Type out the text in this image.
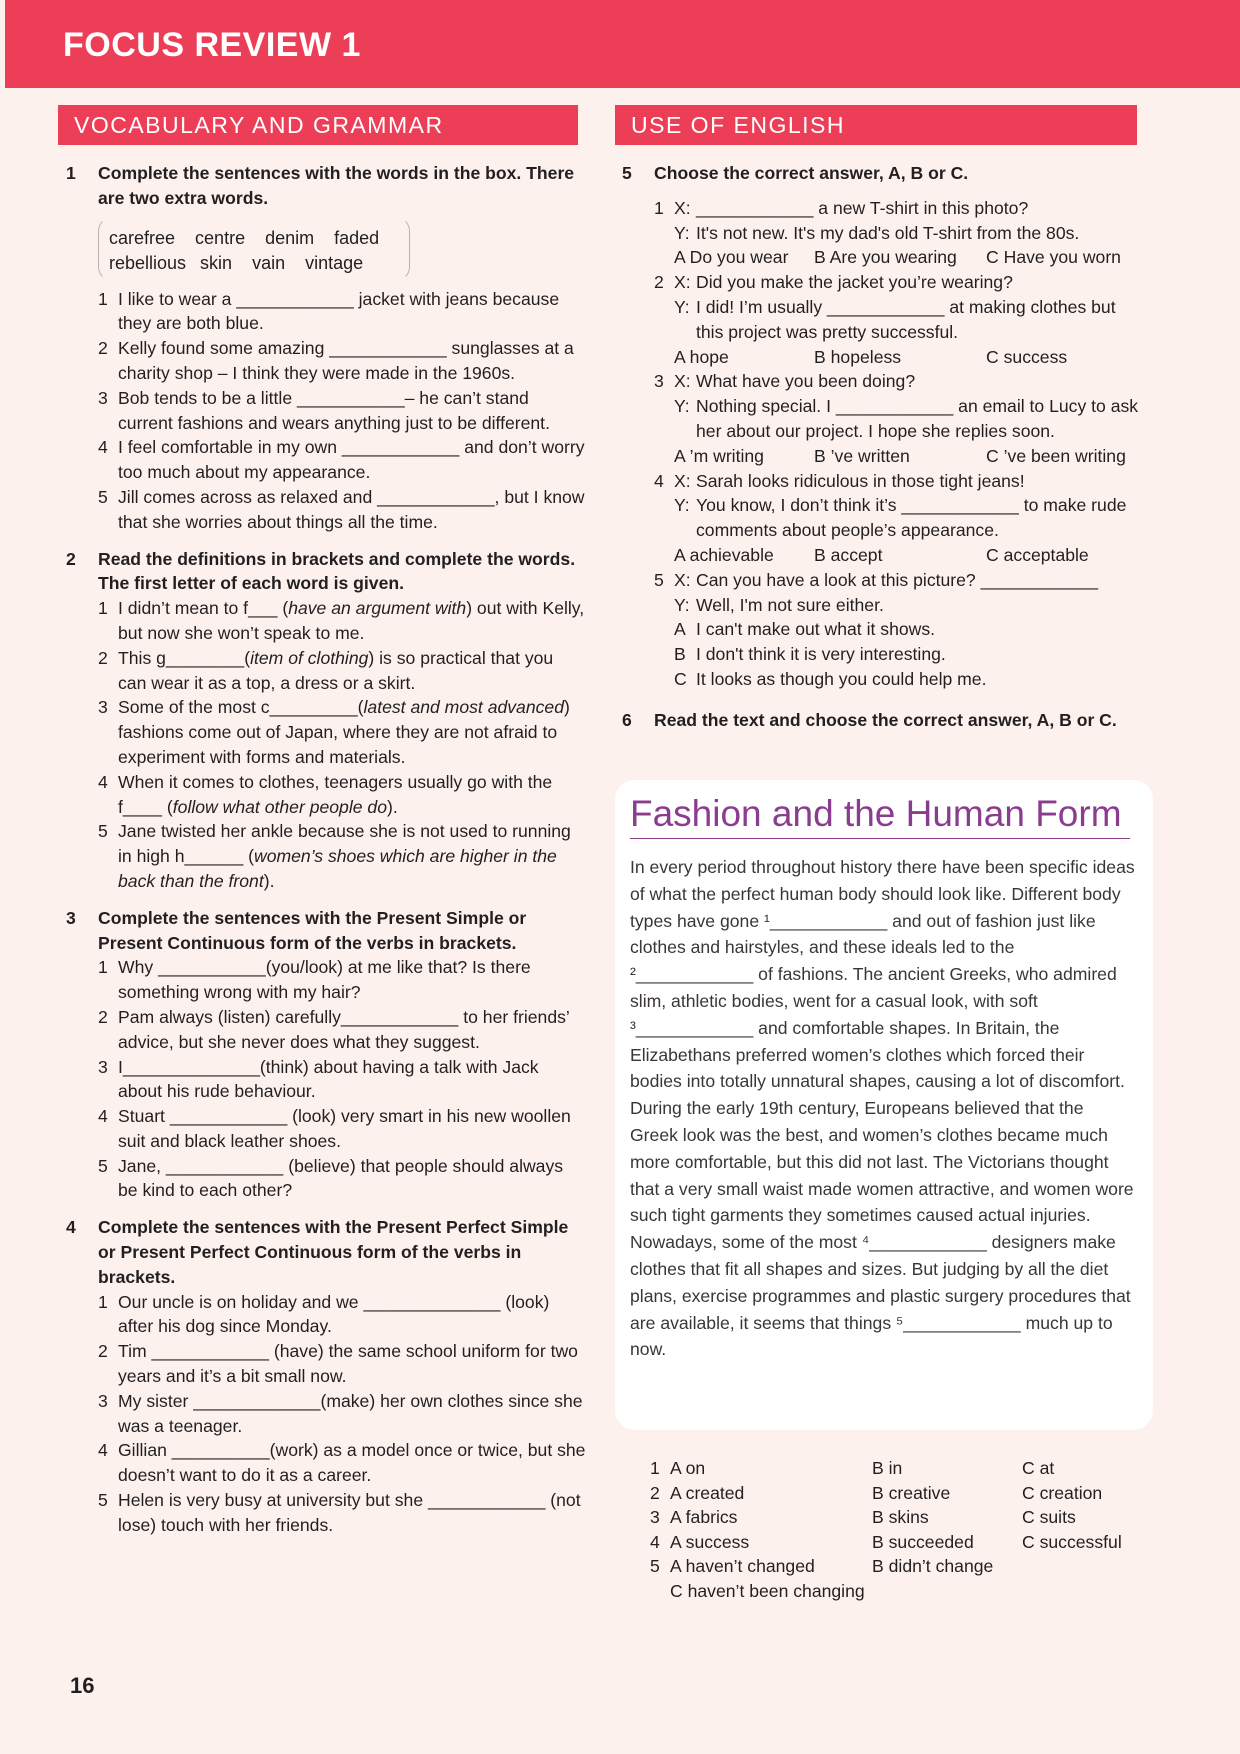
FOCUS REVIEW 1
VOCABULARY AND GRAMMAR	USE OF ENGLISH
1	Complete the sentences with the words in the box. There are two extra words.
carefree centre denim faded
rebellious skin vain vintage
1 I like to wear a ____________ jacket with jeans because they are both blue.
2 Kelly found some amazing ____________ sunglasses at a charity shop – I think they were made in the 1960s.
3 Bob tends to be a little ___________– he can’t stand current fashions and wears anything just to be different.
4 I feel comfortable in my own ____________ and don’t worry too much about my appearance.
5 Jill comes across as relaxed and ____________, but I know that she worries about things all the time.
2	Read the definitions in brackets and complete the words. The first letter of each word is given.
1 I didn’t mean to f___ (have an argument with) out with Kelly, but now she won’t speak to me.
2 This g________(item of clothing) is so practical that you can wear it as a top, a dress or a skirt.
3 Some of the most c_________(latest and most advanced) fashions come out of Japan, where they are not afraid to experiment with forms and materials.
4 When it comes to clothes, teenagers usually go with the f____ (follow what other people do).
5 Jane twisted her ankle because she is not used to running in high h______ (women’s shoes which are higher in the back than the front).
3	Complete the sentences with the Present Simple or Present Continuous form of the verbs in brackets.
1 Why ___________(you/look) at me like that? Is there something wrong with my hair?
2 Pam always (listen) carefully____________ to her friends’ advice, but she never does what they suggest.
3 I______________(think) about having a talk with Jack about his rude behaviour.
4 Stuart ____________ (look) very smart in his new woollen suit and black leather shoes.
5 Jane, ____________ (believe) that people should always be kind to each other?
4	Complete the sentences with the Present Perfect Simple or Present Perfect Continuous form of the verbs in brackets.
1 Our uncle is on holiday and we ______________ (look) after his dog since Monday.
2 Tim ____________ (have) the same school uniform for two years and it’s a bit small now.
3 My sister _____________(make) her own clothes since she was a teenager.
4 Gillian __________(work) as a model once or twice, but she doesn’t want to do it as a career.
5 Helen is very busy at university but she ____________ (not lose) touch with her friends.
5	Choose the correct answer, A, B or C.
1 X: ____________ a new T-shirt in this photo?
Y: It's not new. It's my dad's old T-shirt from the 80s.
A Do you wear	B Are you wearing	C Have you worn
2 X: Did you make the jacket you’re wearing?
Y: I did! I’m usually ____________ at making clothes but this project was pretty successful.
A hope	B hopeless	C success
3 X: What have you been doing?
Y: Nothing special. I ____________ an email to Lucy to ask her about our project. I hope she replies soon.
A ’m writing	B ’ve written	C ’ve been writing
4 X: Sarah looks ridiculous in those tight jeans!
Y: You know, I don’t think it’s ____________ to make rude comments about people’s appearance.
A achievable	B accept	C acceptable
5 X: Can you have a look at this picture? ____________
Y: Well, I'm not sure either.
A I can't make out what it shows.
B I don't think it is very interesting.
C It looks as though you could help me.
6	Read the text and choose the correct answer, A, B or C.
Fashion and the Human Form
In every period throughout history there have been specific ideas of what the perfect human body should look like. Different body types have gone ¹____________ and out of fashion just like clothes and hairstyles, and these ideals led to the ²____________ of fashions. The ancient Greeks, who admired slim, athletic bodies, went for a casual look, with soft ³____________ and comfortable shapes. In Britain, the Elizabethans preferred women’s clothes which forced their bodies into totally unnatural shapes, causing a lot of discomfort. During the early 19th century, Europeans believed that the Greek look was the best, and women’s clothes became much more comfortable, but this did not last. The Victorians thought that a very small waist made women attractive, and women wore such tight garments they sometimes caused actual injuries. Nowadays, some of the most ⁴____________ designers make clothes that fit all shapes and sizes. But judging by all the diet plans, exercise programmes and plastic surgery procedures that are available, it seems that things ⁵____________ much up to now.
1 A on	B in	C at
2 A created	B creative	C creation
3 A fabrics	B skins	C suits
4 A success	B succeeded	C successful
5 A haven’t changed	B didn’t change
C haven’t been changing
16
